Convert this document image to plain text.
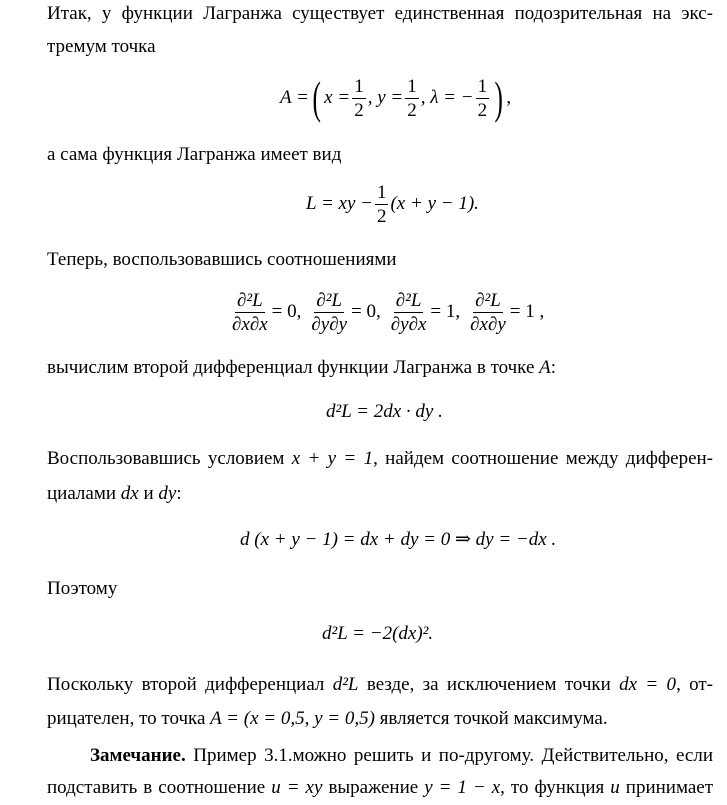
Итак, у функции Лагранжа существует единственная подозрительная на экс-
тремум точка
A = ( $x = \frac{1}{2}$ , $y = \frac{1}{2}$ , λ = − $\frac{1}{2}$ ) ,
а сама функция Лагранжа имеет вид
L = xy − $\frac{1}{2} (x + y - 1)$.
Теперь, воспользовавшись соотношениями
$\frac{\text{∂²L}}{\partial x\partial x} = 0$, $\frac{\text{∂²L}}{\partial y\partial y} = 0$, $\frac{\text{∂²L}}{\partial y\partial x} = 1$, $\frac{\text{∂²L}}{\partial x\partial y} = 1$ ,
вычислим второй дифференциал функции Лагранжа в точке A:
d²L = 2dx · dy .
Воспользовавшись условием x + y = 1, найдем соотношение между дифферен-
циалами dx и dy:
d (x + y − 1) = dx + dy = 0 ⇒ dy = −dx .
Поэтому
d²L = −2(dx)².
Поскольку второй дифференциал d²L везде, за исключением точки dx = 0, от-
рицателен, то точка A = (x = 0,5, y = 0,5) является точкой максимума.
Замечание. Пример 3.1.можно решить и по-другому. Действительно, если
подставить в соотношение u = xy выражение y = 1 − x, то функция u принимает
